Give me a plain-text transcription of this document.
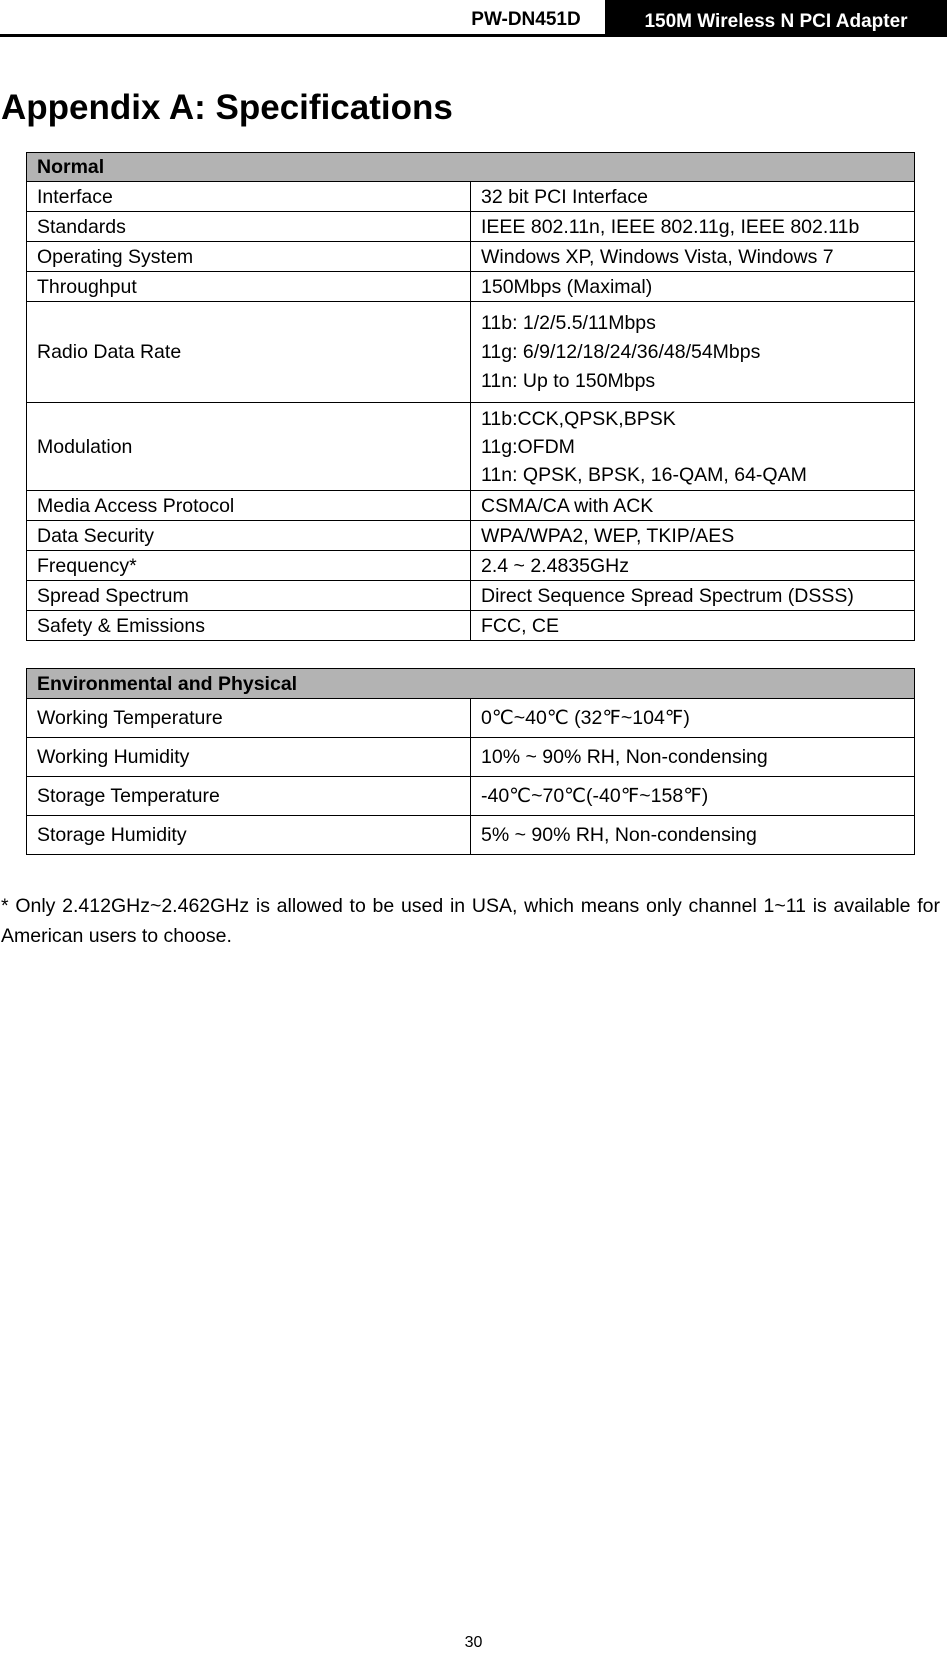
PW-DN451D	150M Wireless N PCI Adapter
Appendix A: Specifications
Normal	
Interface	32 bit PCI Interface
Standards	IEEE 802.11n, IEEE 802.11g, IEEE 802.11b
Operating System	Windows XP, Windows Vista, Windows 7
Throughput	150Mbps (Maximal)
Radio Data Rate	11b: 1/2/5.5/11Mbps
11g: 6/9/12/18/24/36/48/54Mbps
11n: Up to 150Mbps

Modulation	11b:CCK,QPSK,BPSK
11g:OFDM
11n: QPSK, BPSK, 16-QAM, 64-QAM

Media Access Protocol	CSMA/CA with ACK
Data Security	WPA/WPA2, WEP, TKIP/AES
Frequency*	2.4 ~ 2.4835GHz
Spread Spectrum	Direct Sequence Spread Spectrum (DSSS)
Safety & Emissions	FCC, CE
Environmental and Physical	
Working Temperature	0℃~40℃ (32℉~104℉)
Working Humidity	10% ~ 90% RH, Non-condensing
Storage Temperature	-40℃~70℃(-40℉~158℉)
Storage Humidity	5% ~ 90% RH, Non-condensing

* Only 2.412GHz~2.462GHz is allowed to be used in USA, which means only channel 1~11 is available for American users to choose.

30
